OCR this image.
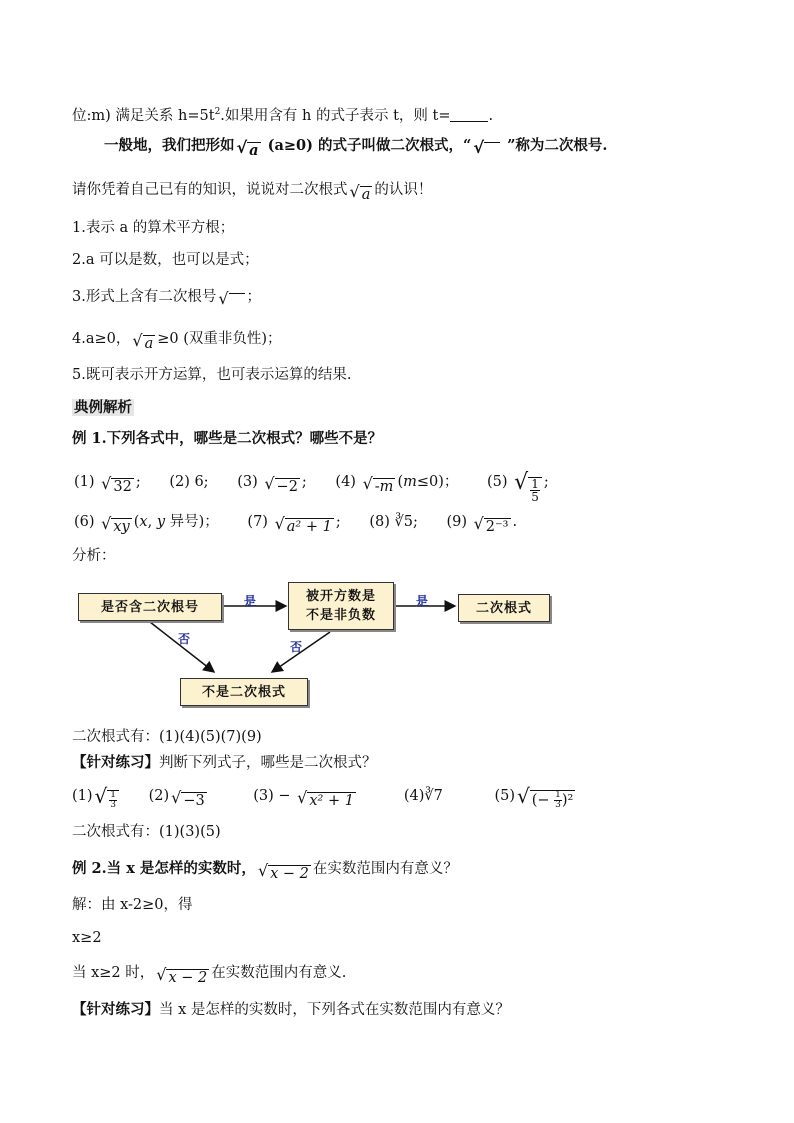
位:m) 满足关系 $h=5t^2$.如果用含有 h 的式子表示 t，则 t=	.
一般地，我们把形如 √ a (a≥0) 的式子叫做二次根式，“ √ ”称为二次根号.
请你凭着自己已有的知识，说说对二次根式 √ a 的认识！
1.表示 a 的算术平方根；
2.a 可以是数，也可以是式；
3.形式上含有二次根号 √ ；
4.a≥0， √ a ≥0 (双重非负性)；
5.既可表示开方运算，也可表示运算的结果.
典例解析
例 1.下列各式中，哪些是二次根式？哪些不是？
(1) √ 32 ; (2) 6; (3) √ −2 ; (4) √ -m (m≤0)； (5) √ $\frac{1}{5}$ ;
(6) √ xy (x, y 异号)； (7) √ a² + 1 ; (8) ∛5; (9) √ 2⁻³ .
分析：
是否含二次根号
被开方数是
不是非负数	二次根式
不是二次根式
是	是
否
否
二次根式有：(1)(4)(5)(7)(9)
【针对练习】判断下列式子，哪些是二次根式？
(1) √ $\frac{1}{3} (2)$ √ −3	(3) − √ x² + 1	(4)∛7	(5) √ (− $\frac{1}{3} )^2$
二次根式有：(1)(3)(5)
例 2.当 x 是怎样的实数时， √ x − 2 在实数范围内有意义？
解：由 x-2≥0，得
x≥2
当 x≥2 时， √ x − 2 在实数范围内有意义.
【针对练习】当 x 是怎样的实数时，下列各式在实数范围内有意义？
